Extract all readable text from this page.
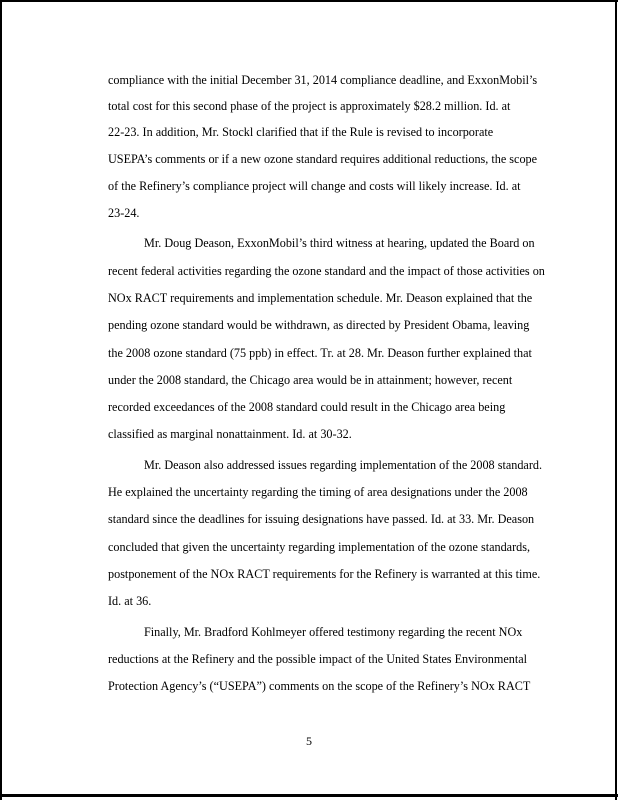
compliance with the initial December 31, 2014 compliance deadline, and ExxonMobil’s
total cost for this second phase of the project is approximately $28.2 million. Id. at
22-23. In addition, Mr. Stockl clarified that if the Rule is revised to incorporate
USEPA’s comments or if a new ozone standard requires additional reductions, the scope
of the Refinery’s compliance project will change and costs will likely increase. Id. at
23-24.
Mr. Doug Deason, ExxonMobil’s third witness at hearing, updated the Board on
recent federal activities regarding the ozone standard and the impact of those activities on
NOx RACT requirements and implementation schedule. Mr. Deason explained that the
pending ozone standard would be withdrawn, as directed by President Obama, leaving
the 2008 ozone standard (75 ppb) in effect. Tr. at 28. Mr. Deason further explained that
under the 2008 standard, the Chicago area would be in attainment; however, recent
recorded exceedances of the 2008 standard could result in the Chicago area being
classified as marginal nonattainment. Id. at 30-32.
Mr. Deason also addressed issues regarding implementation of the 2008 standard.
He explained the uncertainty regarding the timing of area designations under the 2008
standard since the deadlines for issuing designations have passed. Id. at 33. Mr. Deason
concluded that given the uncertainty regarding implementation of the ozone standards,
postponement of the NOx RACT requirements for the Refinery is warranted at this time.
Id. at 36.
Finally, Mr. Bradford Kohlmeyer offered testimony regarding the recent NOx
reductions at the Refinery and the possible impact of the United States Environmental
Protection Agency’s (“USEPA”) comments on the scope of the Refinery’s NOx RACT
5
